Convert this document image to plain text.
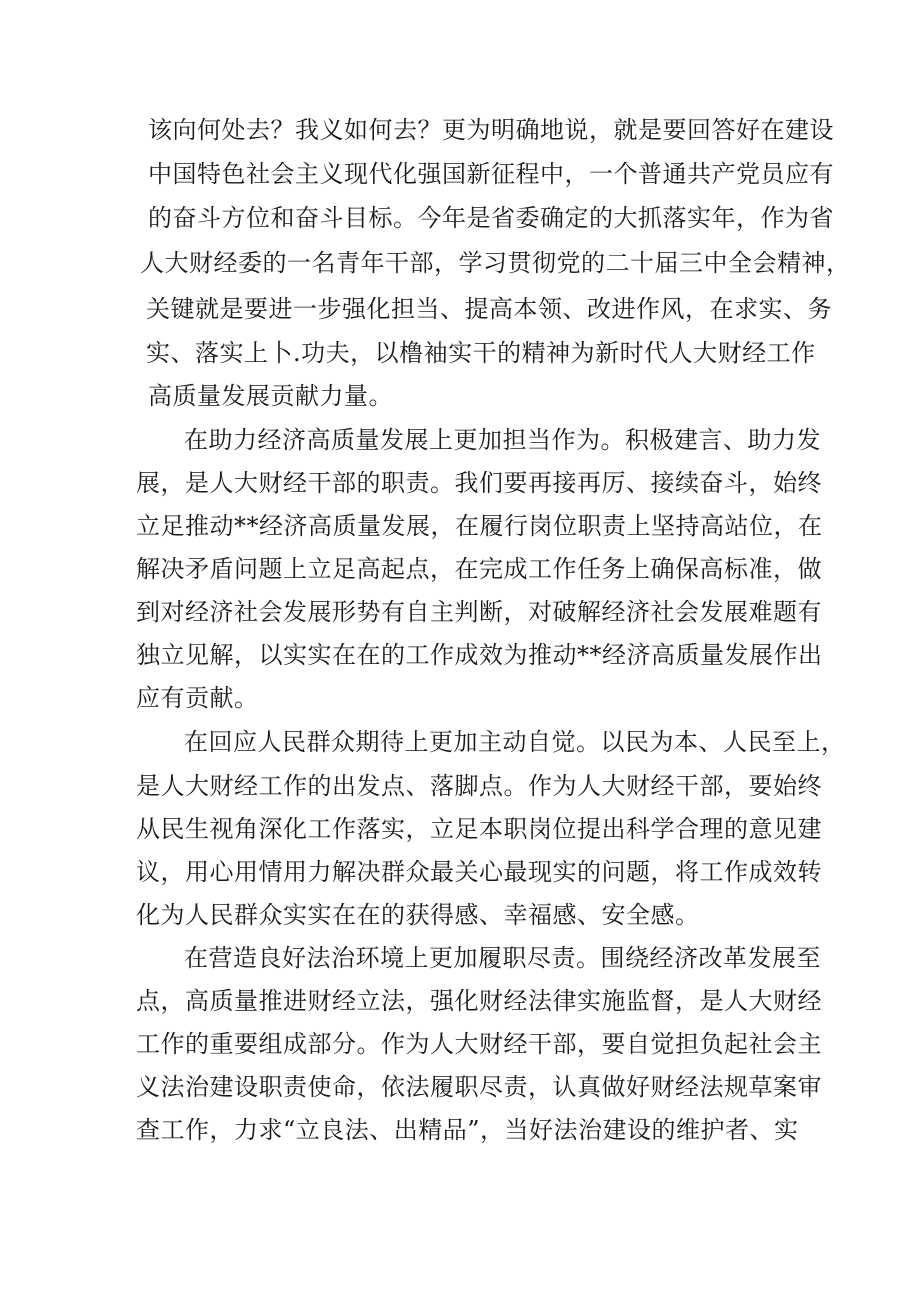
该向何处去？我义如何去？更为明确地说，就是要回答好在建设
中国特色社会主义现代化强国新征程中，一个普通共产党员应有
的奋斗方位和奋斗目标。今年是省委确定的大抓落实年，作为省
人大财经委的一名青年干部，学习贯彻党的二十届三中全会精神，
关键就是要进一步强化担当、提高本领、改进作风，在求实、务
实、落实上卜.功夫，以橹袖实干的精神为新时代人大财经工作
高质量发展贡献力量。
在助力经济高质量发展上更加担当作为。积极建言、助力发
展，是人大财经干部的职责。我们要再接再厉、接续奋斗，始终
立足推动**经济高质量发展，在履行岗位职责上坚持高站位，在
解决矛盾问题上立足高起点，在完成工作任务上确保高标准，做
到对经济社会发展形势有自主判断，对破解经济社会发展难题有
独立见解，以实实在在的工作成效为推动**经济高质量发展作出
应有贡献。
在回应人民群众期待上更加主动自觉。以民为本、人民至上，
是人大财经工作的出发点、落脚点。作为人大财经干部，要始终
从民生视角深化工作落实，立足本职岗位提出科学合理的意见建
议，用心用情用力解决群众最关心最现实的问题，将工作成效转
化为人民群众实实在在的获得感、幸福感、安全感。
在营造良好法治环境上更加履职尽责。围绕经济改革发展至
点，高质量推进财经立法，强化财经法律实施监督，是人大财经
工作的重要组成部分。作为人大财经干部，要自觉担负起社会主
义法治建设职责使命，依法履职尽责，认真做好财经法规草案审
查工作，力求“立良法、出精品”，当好法治建设的维护者、实
